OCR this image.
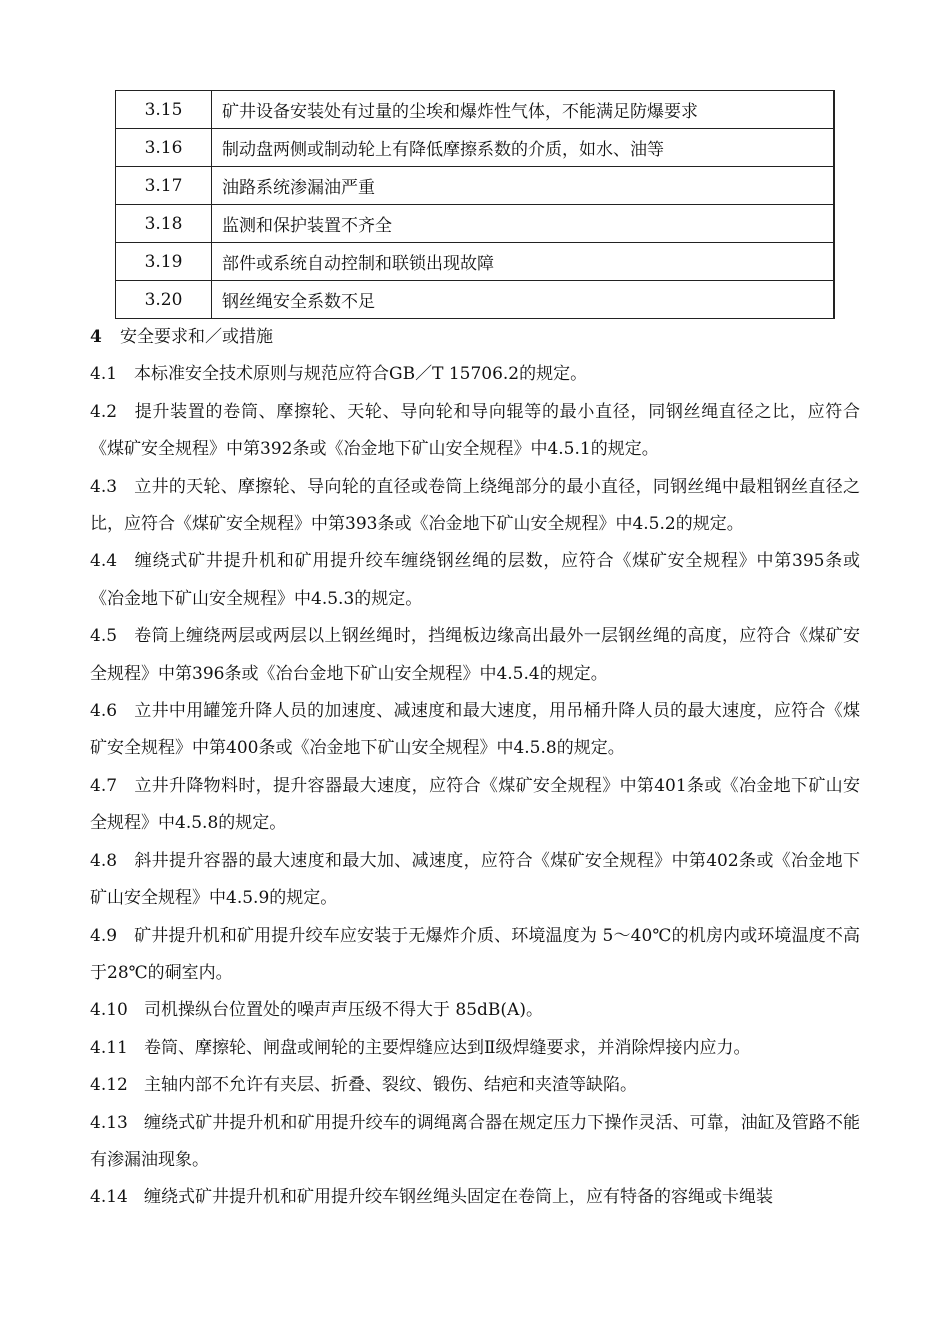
3.15	矿井设备安装处有过量的尘埃和爆炸性气体，不能满足防爆要求
3.16	制动盘两侧或制动轮上有降低摩擦系数的介质，如水、油等
3.17	油路系统渗漏油严重
3.18	监测和保护装置不齐全
3.19	部件或系统自动控制和联锁出现故障
3.20	钢丝绳安全系数不足

4 安全要求和／或措施

4.1 本标准安全技术原则与规范应符合GB／T 15706.2的规定。

4.2 提升装置的卷筒、摩擦轮、天轮、导向轮和导向辊等的最小直径，同钢丝绳直径之比，应符合《煤矿安全规程》中第392条或《冶金地下矿山安全规程》中4.5.1的规定。

4.3 立井的天轮、摩擦轮、导向轮的直径或卷筒上绕绳部分的最小直径，同钢丝绳中最粗钢丝直径之比，应符合《煤矿安全规程》中第393条或《冶金地下矿山安全规程》中4.5.2的规定。

4.4 缠绕式矿井提升机和矿用提升绞车缠绕钢丝绳的层数，应符合《煤矿安全规程》中第395条或《冶金地下矿山安全规程》中4.5.3的规定。

4.5 卷筒上缠绕两层或两层以上钢丝绳时，挡绳板边缘高出最外一层钢丝绳的高度，应符合《煤矿安全规程》中第396条或《冶台金地下矿山安全规程》中4.5.4的规定。

4.6 立井中用罐笼升降人员的加速度、减速度和最大速度，用吊桶升降人员的最大速度，应符合《煤矿安全规程》中第400条或《冶金地下矿山安全规程》中4.5.8的规定。

4.7 立井升降物料时，提升容器最大速度，应符合《煤矿安全规程》中第401条或《冶金地下矿山安全规程》中4.5.8的规定。

4.8 斜井提升容器的最大速度和最大加、减速度，应符合《煤矿安全规程》中第402条或《冶金地下矿山安全规程》中4.5.9的规定。

4.9 矿井提升机和矿用提升绞车应安装于无爆炸介质、环境温度为 5～40℃的机房内或环境温度不高于28℃的硐室内。

4.10 司机操纵台位置处的噪声声压级不得大于 85dB(A)。

4.11 卷筒、摩擦轮、闸盘或闸轮的主要焊缝应达到Ⅱ级焊缝要求，并消除焊接内应力。

4.12 主轴内部不允许有夹层、折叠、裂纹、锻伤、结疤和夹渣等缺陷。

4.13 缠绕式矿井提升机和矿用提升绞车的调绳离合器在规定压力下操作灵活、可靠，油缸及管路不能有渗漏油现象。

4.14 缠绕式矿井提升机和矿用提升绞车钢丝绳头固定在卷筒上，应有特备的容绳或卡绳装
